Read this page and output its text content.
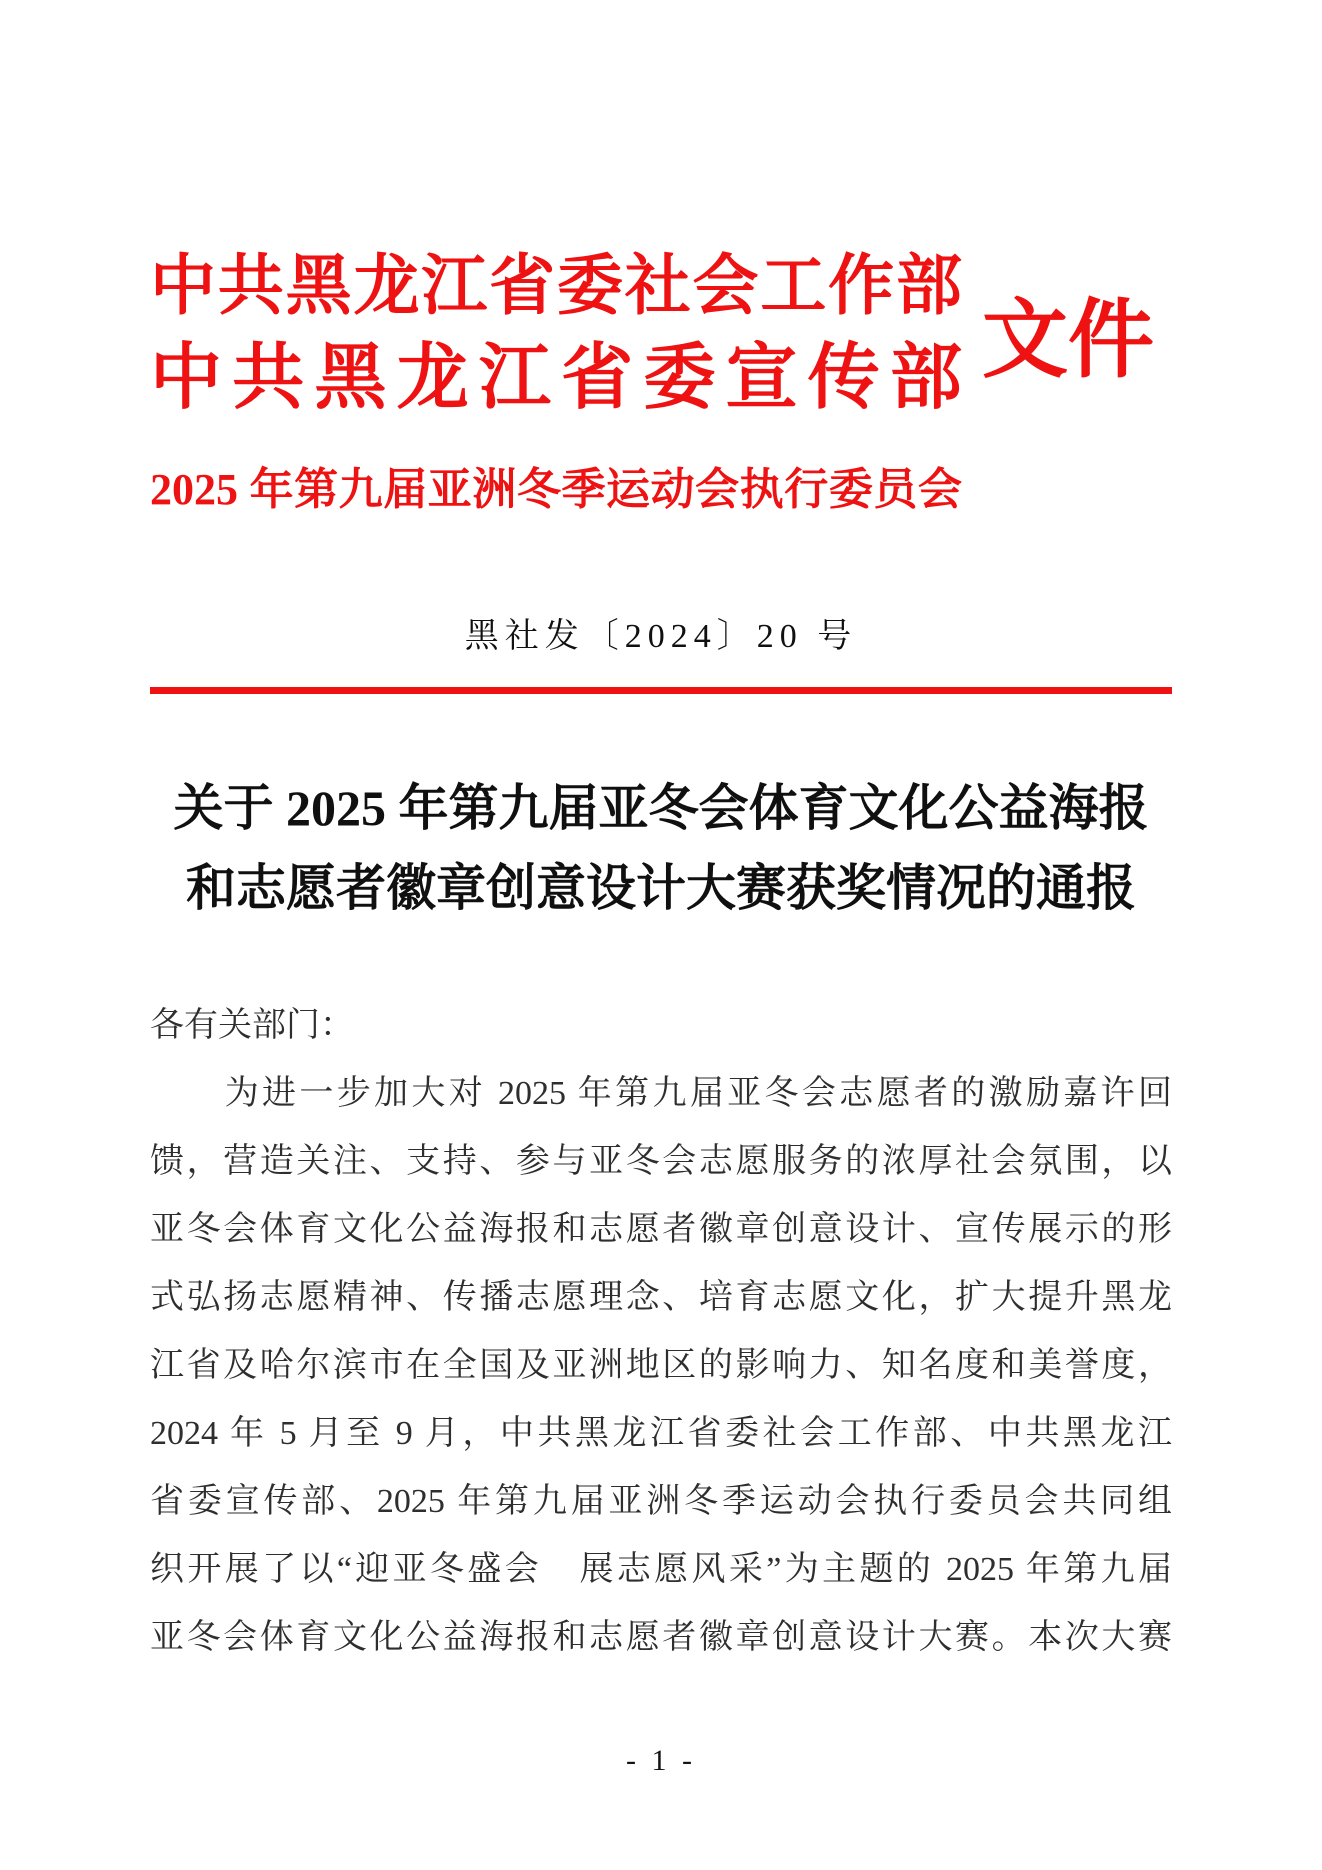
中共黑龙江省委社会工作部
中共黑龙江省委宣传部 文件
2025 年第九届亚洲冬季运动会执行委员会
黑社发〔2024〕20 号
关于 2025 年第九届亚冬会体育文化公益海报
和志愿者徽章创意设计大赛获奖情况的通报
各有关部门：
　　为进一步加大对 2025 年第九届亚冬会志愿者的激励嘉许回
馈，营造关注、支持、参与亚冬会志愿服务的浓厚社会氛围，以
亚冬会体育文化公益海报和志愿者徽章创意设计、宣传展示的形
式弘扬志愿精神、传播志愿理念、培育志愿文化，扩大提升黑龙
江省及哈尔滨市在全国及亚洲地区的影响力、知名度和美誉度，
2024 年 5 月至 9 月，中共黑龙江省委社会工作部、中共黑龙江
省委宣传部、2025 年第九届亚洲冬季运动会执行委员会共同组
织开展了以“迎亚冬盛会　展志愿风采”为主题的 2025 年第九届
亚冬会体育文化公益海报和志愿者徽章创意设计大赛。本次大赛
- 1 -
